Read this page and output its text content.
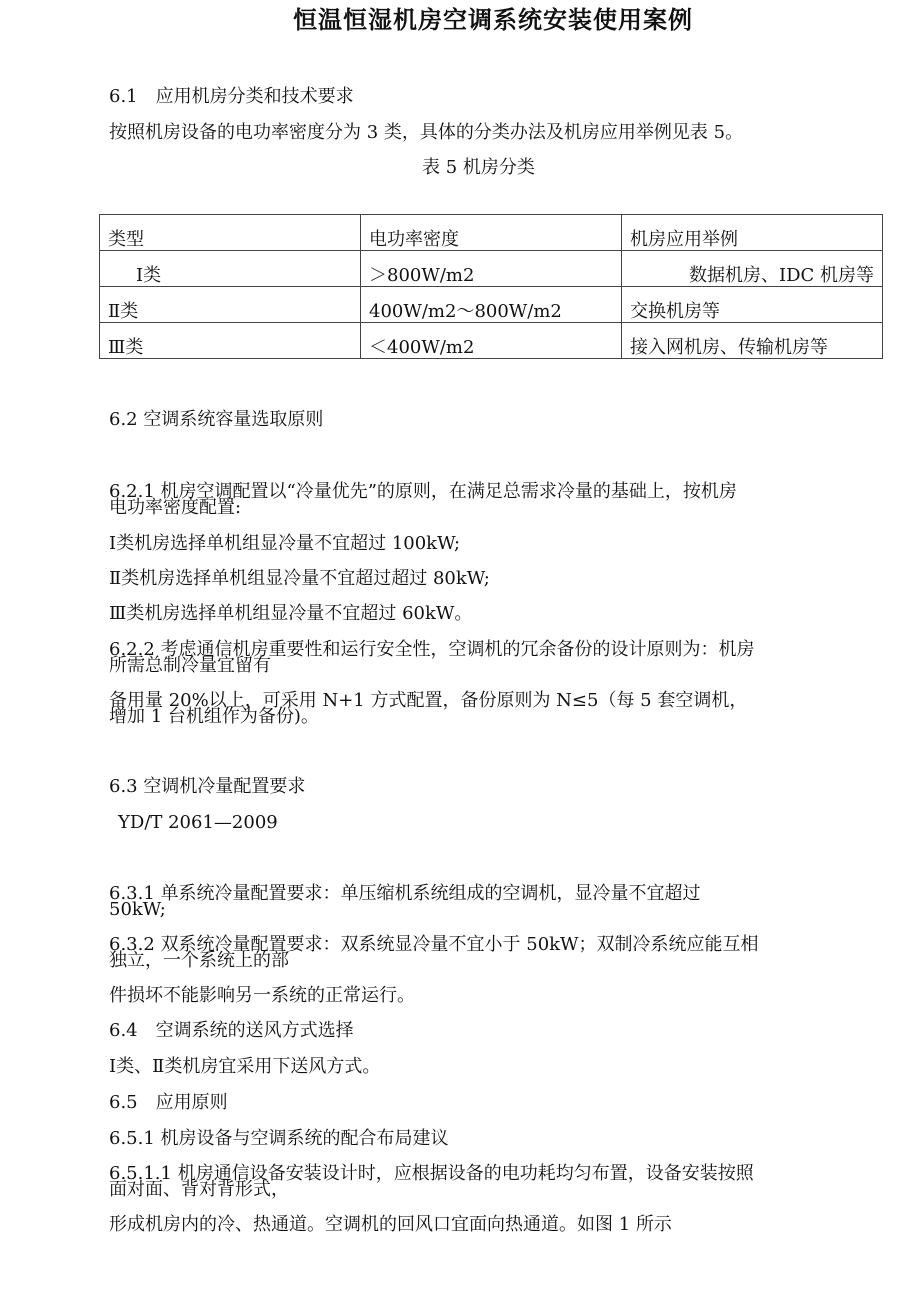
恒温恒湿机房空调系统安装使用案例
6.1　应用机房分类和技术要求
按照机房设备的电功率密度分为 3 类，具体的分类办法及机房应用举例见表 5。
表 5 机房分类
类型	电功率密度	机房应用举例
Ⅰ类	＞800W/m2	数据机房、IDC 机房等
Ⅱ类	400W/m2～800W/m2	交换机房等
Ⅲ类	＜400W/m2	接入网机房、传输机房等
6.2 空调系统容量选取原则
6.2.1 机房空调配置以“冷量优先”的原则，在满足总需求冷量的基础上，按机房
电功率密度配置:
Ⅰ类机房选择单机组显冷量不宜超过 100kW;
Ⅱ类机房选择单机组显冷量不宜超过超过 80kW;
Ⅲ类机房选择单机组显冷量不宜超过 60kW。
6.2.2 考虑通信机房重要性和运行安全性，空调机的冗余备份的设计原则为：机房
所需总制冷量宜留有
备用量 20%以上，可采用 N+1 方式配置，备份原则为 N≤5（每 5 套空调机，
增加 1 台机组作为备份)。
6.3 空调机冷量配置要求
YD/T 2061—2009
6.3.1 单系统冷量配置要求：单压缩机系统组成的空调机，显冷量不宜超过
50kW;
6.3.2 双系统冷量配置要求：双系统显冷量不宜小于 50kW；双制冷系统应能互相
独立，一个系统上的部
件损坏不能影响另一系统的正常运行。
6.4　空调系统的送风方式选择
Ⅰ类、Ⅱ类机房宜采用下送风方式。
6.5　应用原则
6.5.1 机房设备与空调系统的配合布局建议
6.5.1.1 机房通信设备安装设计时，应根据设备的电功耗均匀布置，设备安装按照
面对面、背对背形式，
形成机房内的冷、热通道。空调机的回风口宜面向热通道。如图 1 所示
